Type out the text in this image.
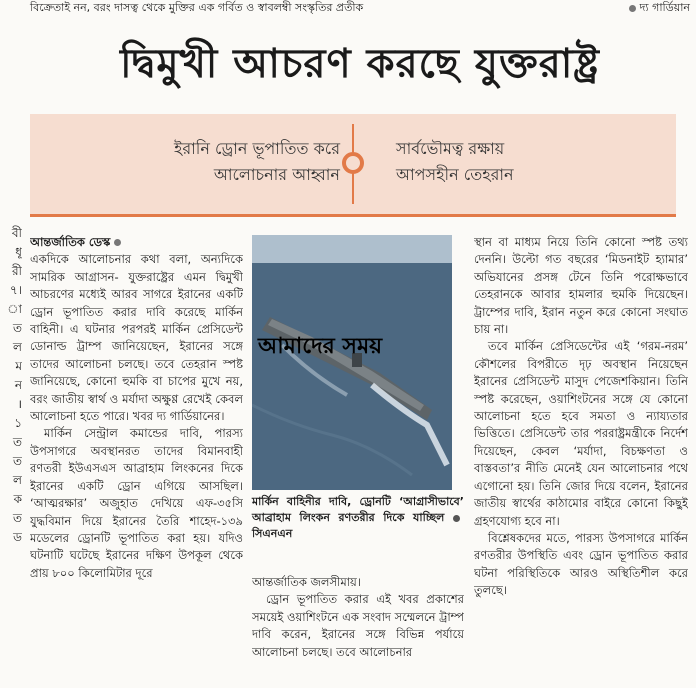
বিক্রেতাই নন, বরং দাসত্ব থেকে মুক্তির এক গর্বিত ও স্বাবলম্বী সংস্কৃতির প্রতীক	দ্য গার্ডিয়ান
দ্বিমুখী আচরণ করছে যুক্তরাষ্ট্র
ইরানি ড্রোন ভূপাতিত করে
আলোচনার আহ্বান
সার্বভৌমত্ব রক্ষায়
আপসহীন তেহরান
বী
ধূ
রী
৭।
া
ত
ল
ম
ন
।
১
ত
ত
ল
ক
ত
ড

আন্তর্জাতিক ডেস্ক

একদিকে আলোচনার কথা বলা, অন্যদিকে সামরিক আগ্রাসন- যুক্তরাষ্ট্রের এমন দ্বিমুখী আচরণের মধ্যেই আরব সাগরে ইরানের একটি ড্রোন ভূপাতিত করার দাবি করেছে মার্কিন বাহিনী। এ ঘটনার পরপরই মার্কিন প্রেসিডেন্ট ডোনাল্ড ট্রাম্প জানিয়েছেন, ইরানের সঙ্গে তাদের আলোচনা চলছে। তবে তেহরান স্পষ্ট জানিয়েছে, কোনো হুমকি বা চাপের মুখে নয়, বরং জাতীয় স্বার্থ ও মর্যাদা অক্ষুণ্ণ রেখেই কেবল আলোচনা হতে পারে। খবর দ্য গার্ডিয়ানের।

মার্কিন সেন্ট্রাল কমান্ডের দাবি, পারস্য উপসাগরে অবস্থানরত তাদের বিমানবাহী রণতরী ইউএসএস আব্রাহাম লিংকনের দিকে ইরানের একটি ড্রোন এগিয়ে আসছিল। ‘আত্মরক্ষার’ অজুহাত দেখিয়ে এফ-৩৫সি যুদ্ধবিমান দিয়ে ইরানের তৈরি শাহেদ-১৩৯ মডেলের ড্রোনটি ভূপাতিত করা হয়। যদিও ঘটনাটি ঘটেছে ইরানের দক্ষিণ উপকূল থেকে প্রায় ৮০০ কিলোমিটার দূরে

আমাদের সময়
মার্কিন বাহিনীর দাবি, ড্রোনটি ‘আগ্রাসীভাবে’ আব্রাহাম লিংকন রণতরীর দিকে যাচ্ছিল সিএনএন

আন্তর্জাতিক জলসীমায়।

ড্রোন ভূপাতিত করার এই খবর প্রকাশের সময়েই ওয়াশিংটনে এক সংবাদ সম্মেলনে ট্রাম্প দাবি করেন, ইরানের সঙ্গে বিভিন্ন পর্যায়ে আলোচনা চলছে। তবে আলোচনার

স্থান বা মাধ্যম নিয়ে তিনি কোনো স্পষ্ট তথ্য দেননি। উল্টো গত বছরের ‘মিডনাইট হ্যামার’ অভিযানের প্রসঙ্গ টেনে তিনি পরোক্ষভাবে তেহরানকে আবার হামলার হুমকি দিয়েছেন। ট্রাম্পের দাবি, ইরান নতুন করে কোনো সংঘাত চায় না।

তবে মার্কিন প্রেসিডেন্টের এই ‘গরম-নরম’ কৌশলের বিপরীতে দৃঢ় অবস্থান নিয়েছেন ইরানের প্রেসিডেন্ট মাসুদ পেজেশকিয়ান। তিনি স্পষ্ট করেছেন, ওয়াশিংটনের সঙ্গে যে কোনো আলোচনা হতে হবে সমতা ও ন্যায্যতার ভিত্তিতে। প্রেসিডেন্ট তার পররাষ্ট্রমন্ত্রীকে নির্দেশ দিয়েছেন, কেবল ‘মর্যাদা, বিচক্ষণতা ও বাস্তবতা’র নীতি মেনেই যেন আলোচনার পথে এগোনো হয়। তিনি জোর দিয়ে বলেন, ইরানের জাতীয় স্বার্থের কাঠামোর বাইরে কোনো কিছুই গ্রহণযোগ্য হবে না।

বিশ্লেষকদের মতে, পারস্য উপসাগরে মার্কিন রণতরীর উপস্থিতি এবং ড্রোন ভূপাতিত করার ঘটনা পরিস্থিতিকে আরও অস্থিতিশীল করে তুলছে।
